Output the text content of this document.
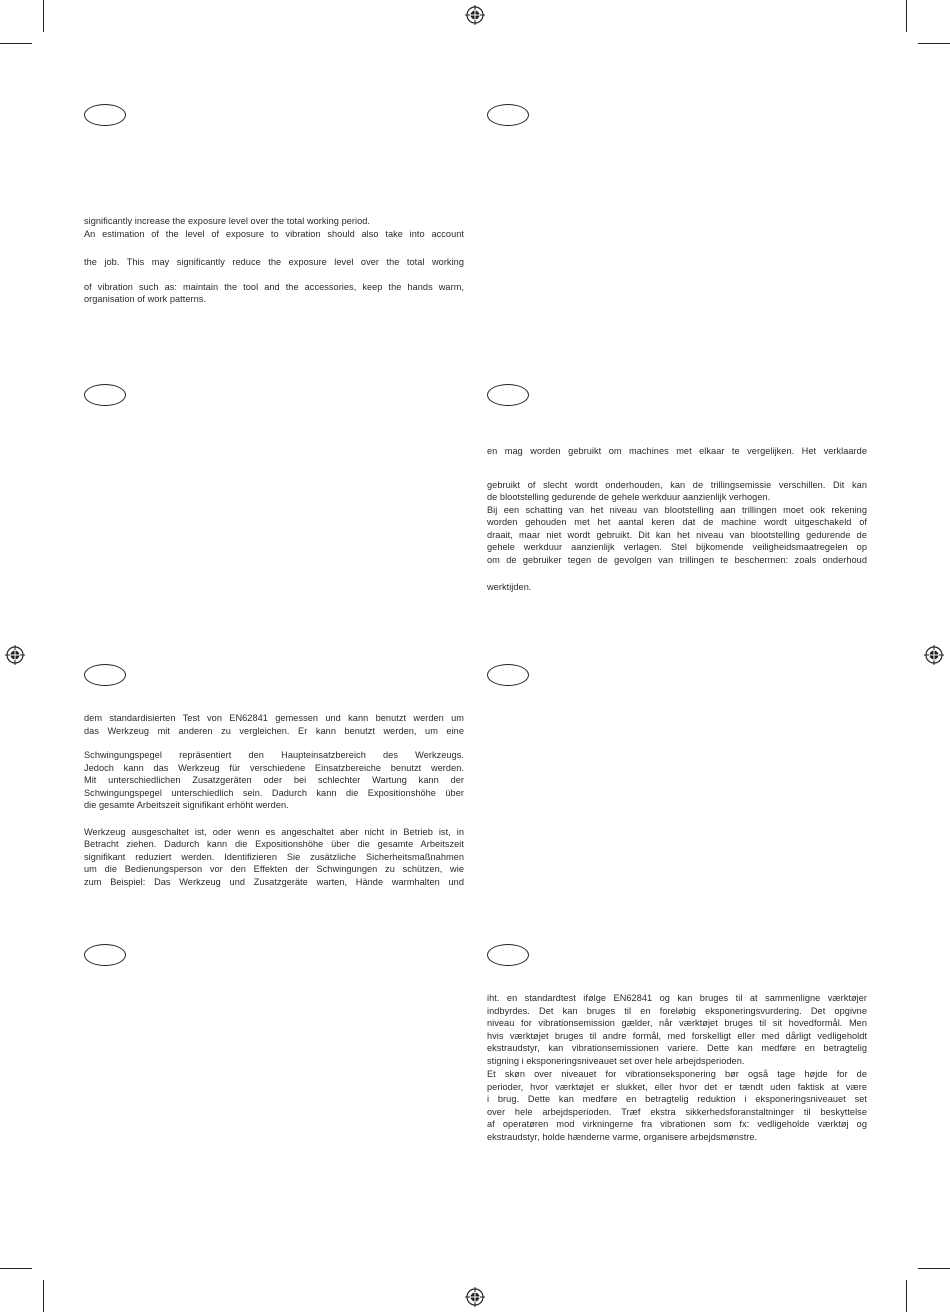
significantly increase the exposure level over the total working period.

An estimation of the level of exposure to vibration should also take into account

the job. This may significantly reduce the exposure level over the total working

of vibration such as: maintain the tool and the accessories, keep the hands warm,

organisation of work patterns.

en mag worden gebruikt om machines met elkaar te vergelijken. Het verklaarde

gebruikt of slecht wordt onderhouden, kan de trillingsemissie verschillen. Dit kan

de blootstelling gedurende de gehele werkduur aanzienlijk verhogen.

Bij een schatting van het niveau van blootstelling aan trillingen moet ook rekening

worden gehouden met het aantal keren dat de machine wordt uitgeschakeld of

draait, maar niet wordt gebruikt. Dit kan het niveau van blootstelling gedurende de

gehele werkduur aanzienlijk verlagen. Stel bijkomende veiligheidsmaatregelen op

om de gebruiker tegen de gevolgen van trillingen te beschermen: zoals onderhoud

werktijden.

dem standardisierten Test von EN62841 gemessen und kann benutzt werden um

das Werkzeug mit anderen zu vergleichen. Er kann benutzt werden, um eine

Schwingungspegel repräsentiert den Haupteinsatzbereich des Werkzeugs.

Jedoch kann das Werkzeug für verschiedene Einsatzbereiche benutzt werden.

Mit unterschiedlichen Zusatzgeräten oder bei schlechter Wartung kann der

Schwingungspegel unterschiedlich sein. Dadurch kann die Expositionshöhe über

die gesamte Arbeitszeit signifikant erhöht werden.

Werkzeug ausgeschaltet ist, oder wenn es angeschaltet aber nicht in Betrieb ist, in

Betracht ziehen. Dadurch kann die Expositionshöhe über die gesamte Arbeitszeit

signifikant reduziert werden. Identifizieren Sie zusätzliche Sicherheitsmaßnahmen

um die Bedienungsperson vor den Effekten der Schwingungen zu schützen, wie

zum Beispiel: Das Werkzeug und Zusatzgeräte warten, Hände warmhalten und

iht. en standardtest ifølge EN62841 og kan bruges til at sammenligne værktøjer

indbyrdes. Det kan bruges til en foreløbig eksponeringsvurdering. Det opgivne

niveau for vibrationsemission gælder, når værktøjet bruges til sit hovedformål. Men

hvis værktøjet bruges til andre formål, med forskelligt eller med dårligt vedligeholdt

ekstraudstyr, kan vibrationsemissionen variere. Dette kan medføre en betragtelig

stigning i eksponeringsniveauet set over hele arbejdsperioden.

Et skøn over niveauet for vibrationseksponering bør også tage højde for de

perioder, hvor værktøjet er slukket, eller hvor det er tændt uden faktisk at være

i brug. Dette kan medføre en betragtelig reduktion i eksponeringsniveauet set

over hele arbejdsperioden. Træf ekstra sikkerhedsforanstaltninger til beskyttelse

af operatøren mod virkningerne fra vibrationen som fx: vedligeholde værktøj og

ekstraudstyr, holde hænderne varme, organisere arbejdsmønstre.
